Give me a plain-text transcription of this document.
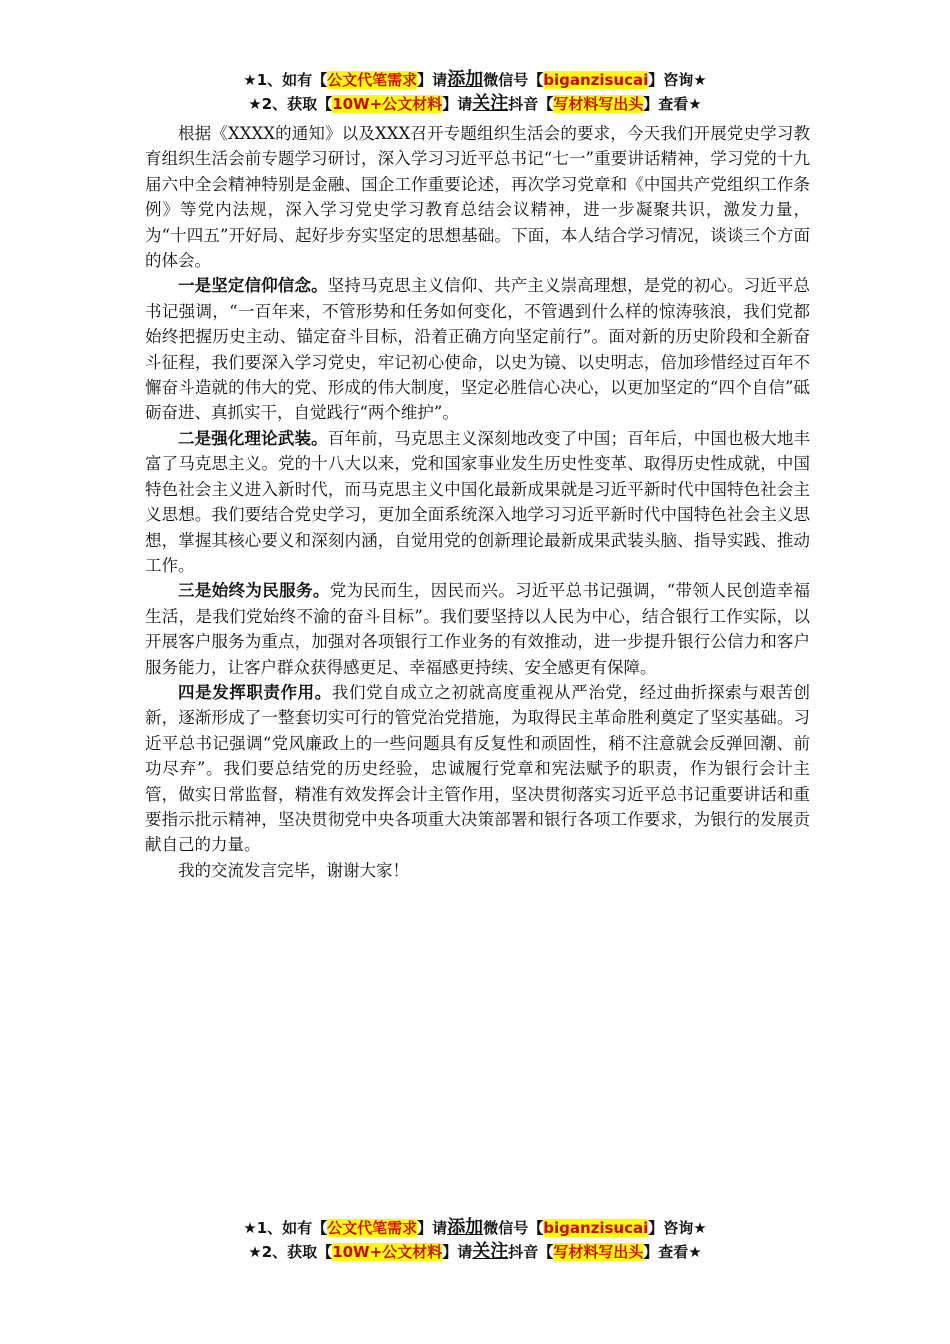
★1、如有【公文代笔需求】请添加微信号【biganzisucai】咨询★
★2、获取【10W+公文材料】请关注抖音【写材料写出头】查看★

根据《XXXX的通知》以及XXX召开专题组织生活会的要求，今天我们开展党史学习教育组织生活会前专题学习研讨，深入学习习近平总书记“七一”重要讲话精神，学习党的十九届六中全会精神特别是金融、国企工作重要论述，再次学习党章和《中国共产党组织工作条例》等党内法规，深入学习党史学习教育总结会议精神，进一步凝聚共识，激发力量，为“十四五”开好局、起好步夯实坚定的思想基础。下面，本人结合学习情况，谈谈三个方面的体会。

一是坚定信仰信念。坚持马克思主义信仰、共产主义崇高理想，是党的初心。习近平总书记强调，“一百年来，不管形势和任务如何变化，不管遇到什么样的惊涛骇浪，我们党都始终把握历史主动、锚定奋斗目标，沿着正确方向坚定前行”。面对新的历史阶段和全新奋斗征程，我们要深入学习党史，牢记初心使命，以史为镜、以史明志，倍加珍惜经过百年不懈奋斗造就的伟大的党、形成的伟大制度，坚定必胜信心决心，以更加坚定的“四个自信”砥砺奋进、真抓实干，自觉践行“两个维护”。

二是强化理论武装。百年前，马克思主义深刻地改变了中国；百年后，中国也极大地丰富了马克思主义。党的十八大以来，党和国家事业发生历史性变革、取得历史性成就，中国特色社会主义进入新时代，而马克思主义中国化最新成果就是习近平新时代中国特色社会主义思想。我们要结合党史学习，更加全面系统深入地学习习近平新时代中国特色社会主义思想，掌握其核心要义和深刻内涵，自觉用党的创新理论最新成果武装头脑、指导实践、推动工作。

三是始终为民服务。党为民而生，因民而兴。习近平总书记强调，“带领人民创造幸福生活，是我们党始终不渝的奋斗目标”。我们要坚持以人民为中心，结合银行工作实际，以开展客户服务为重点，加强对各项银行工作业务的有效推动，进一步提升银行公信力和客户服务能力，让客户群众获得感更足、幸福感更持续、安全感更有保障。

四是发挥职责作用。我们党自成立之初就高度重视从严治党，经过曲折探索与艰苦创新，逐渐形成了一整套切实可行的管党治党措施，为取得民主革命胜利奠定了坚实基础。习近平总书记强调“党风廉政上的一些问题具有反复性和顽固性，稍不注意就会反弹回潮、前功尽弃”。我们要总结党的历史经验，忠诚履行党章和宪法赋予的职责，作为银行会计主管，做实日常监督，精准有效发挥会计主管作用，坚决贯彻落实习近平总书记重要讲话和重要指示批示精神，坚决贯彻党中央各项重大决策部署和银行各项工作要求，为银行的发展贡献自己的力量。

我的交流发言完毕，谢谢大家！

★1、如有【公文代笔需求】请添加微信号【biganzisucai】咨询★
★2、获取【10W+公文材料】请关注抖音【写材料写出头】查看★
